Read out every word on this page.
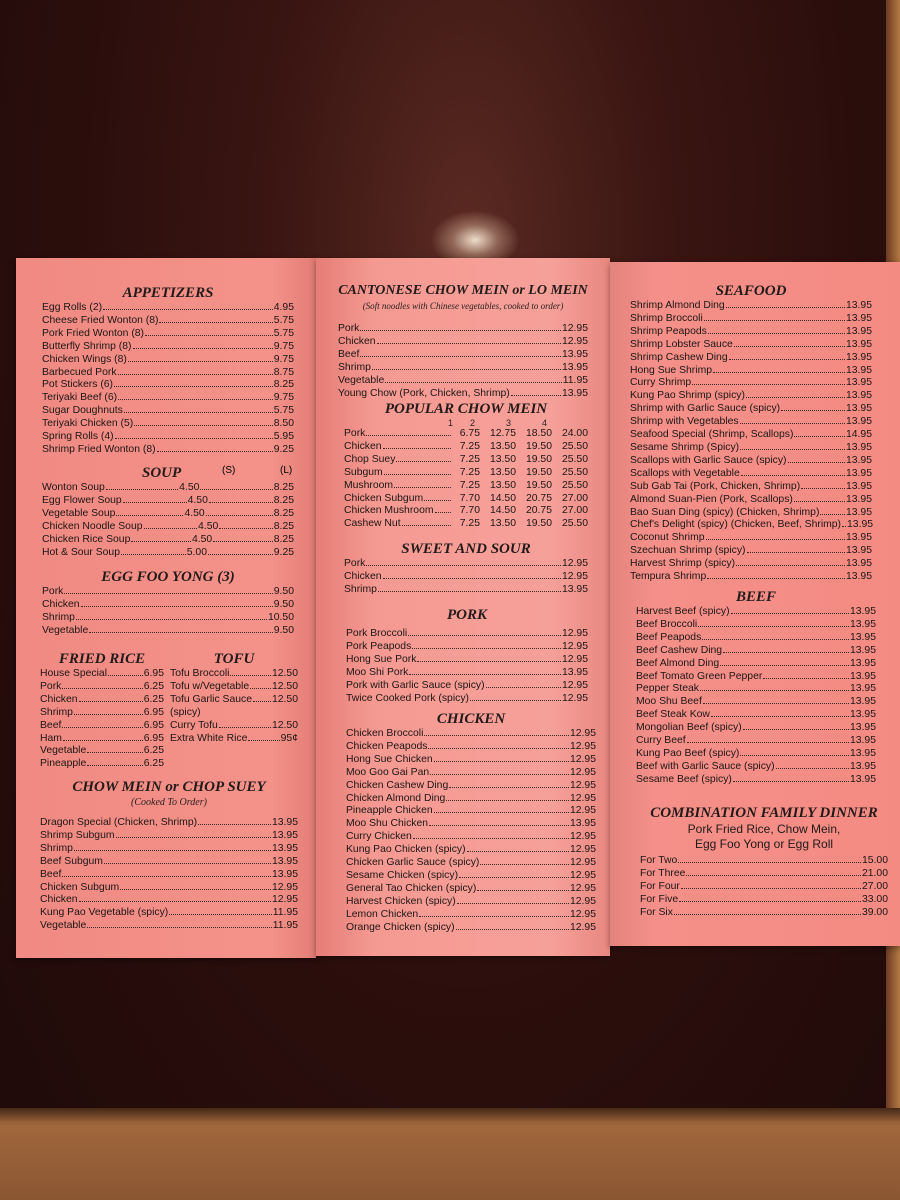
APPETIZERS
Egg Rolls (2)	4.95
Cheese Fried Wonton (8)	5.75
Pork Fried Wonton (8)	5.75
Butterfly Shrimp (8)	9.75
Chicken Wings (8)	9.75
Barbecued Pork	8.75
Pot Stickers (6)	8.25
Teriyaki Beef (6)	9.75
Sugar Doughnuts	5.75
Teriyaki Chicken (5)	8.50
Spring Rolls (4)	5.95
Shrimp Fried Wonton (8)	9.25
SOUP	(S)	(L)
Wonton Soup	4.50	8.25
Egg Flower Soup	4.50	8.25
Vegetable Soup	4.50	8.25
Chicken Noodle Soup	4.50	8.25
Chicken Rice Soup	4.50	8.25
Hot & Sour Soup	5.00	9.25
EGG FOO YONG (3)
Pork	9.50
Chicken	9.50
Shrimp	10.50
Vegetable	9.50
FRIED RICE
House Special	6.95
Pork	6.25
Chicken	6.25
Shrimp	6.95
Beef	6.95
Ham	6.95
Vegetable	6.25
Pineapple	6.25
TOFU
Tofu Broccoli	12.50
Tofu w/Vegetable 12.50
Tofu Garlic Sauce 12.50
(spicy)
Curry Tofu	12.50
Extra White Rice	95¢
CHOW MEIN or CHOP SUEY
(Cooked To Order)
Dragon Special (Chicken, Shrimp)	13.95
Shrimp Subgum	13.95
Shrimp	13.95
Beef Subgum	13.95
Beef	13.95
Chicken Subgum	12.95
Chicken	12.95
Kung Pao Vegetable (spicy)	11.95
Vegetable	11.95
CANTONESE CHOW MEIN or LO MEIN
(Soft noodles with Chinese vegetables, cooked to order)
Pork	12.95
Chicken	12.95
Beef	13.95
Shrimp	13.95
Vegetable	11.95
Young Chow (Pork, Chicken, Shrimp)	13.95
POPULAR CHOW MEIN
1	2	3	4
Pork	6.75 12.75 18.50 24.00
Chicken	7.25 13.50 19.50 25.50
Chop Suey	7.25 13.50 19.50 25.50
Subgum	7.25 13.50 19.50 25.50
Mushroom	7.25 13.50 19.50 25.50
Chicken Subgum	7.70 14.50 20.75 27.00
Chicken Mushroom	7.70 14.50 20.75 27.00
Cashew Nut	7.25 13.50 19.50 25.50
SWEET AND SOUR
Pork	12.95
Chicken	12.95
Shrimp	13.95
PORK
Pork Broccoli	12.95
Pork Peapods	12.95
Hong Sue Pork	12.95
Moo Shi Pork	13.95
Pork with Garlic Sauce (spicy)	12.95
Twice Cooked Pork (spicy)	12.95
CHICKEN
Chicken Broccoli	12.95
Chicken Peapods	12.95
Hong Sue Chicken	12.95
Moo Goo Gai Pan	12.95
Chicken Cashew Ding	12.95
Chicken Almond Ding	12.95
Pineapple Chicken	12.95
Moo Shu Chicken	13.95
Curry Chicken	12.95
Kung Pao Chicken (spicy)	12.95
Chicken Garlic Sauce (spicy)	12.95
Sesame Chicken (spicy)	12.95
General Tao Chicken (spicy)	12.95
Harvest Chicken (spicy)	12.95
Lemon Chicken	12.95
Orange Chicken (spicy)	12.95
SEAFOOD
Shrimp Almond Ding	13.95
Shrimp Broccoli	13.95
Shrimp Peapods	13.95
Shrimp Lobster Sauce	13.95
Shrimp Cashew Ding	13.95
Hong Sue Shrimp	13.95
Curry Shrimp	13.95
Kung Pao Shrimp (spicy)	13.95
Shrimp with Garlic Sauce (spicy)	13.95
Shrimp with Vegetables	13.95
Seafood Special (Shrimp, Scallops)	14.95
Sesame Shrimp (Spicy)	13.95
Scallops with Garlic Sauce (spicy)	13.95
Scallops with Vegetable	13.95
Sub Gab Tai (Pork, Chicken, Shrimp)	13.95
Almond Suan-Pien (Pork, Scallops)	13.95
Bao Suan Ding (spicy) (Chicken, Shrimp)	13.95
Chef's Delight (spicy) (Chicken, Beef, Shrimp) 13.95
Coconut Shrimp	13.95
Szechuan Shrimp (spicy)	13.95
Harvest Shrimp (spicy)	13.95
Tempura Shrimp	13.95
BEEF
Harvest Beef (spicy)	13.95
Beef Broccoli	13.95
Beef Peapods	13.95
Beef Cashew Ding	13.95
Beef Almond Ding	13.95
Beef Tomato Green Pepper	13.95
Pepper Steak	13.95
Moo Shu Beef	13.95
Beef Steak Kow	13.95
Mongolian Beef (spicy)	13.95
Curry Beef	13.95
Kung Pao Beef (spicy)	13.95
Beef with Garlic Sauce (spicy)	13.95
Sesame Beef (spicy)	13.95
COMBINATION FAMILY DINNER
Pork Fried Rice, Chow Mein,
Egg Foo Yong or Egg Roll
For Two	15.00
For Three	21.00
For Four	27.00
For Five	33.00
For Six	39.00
